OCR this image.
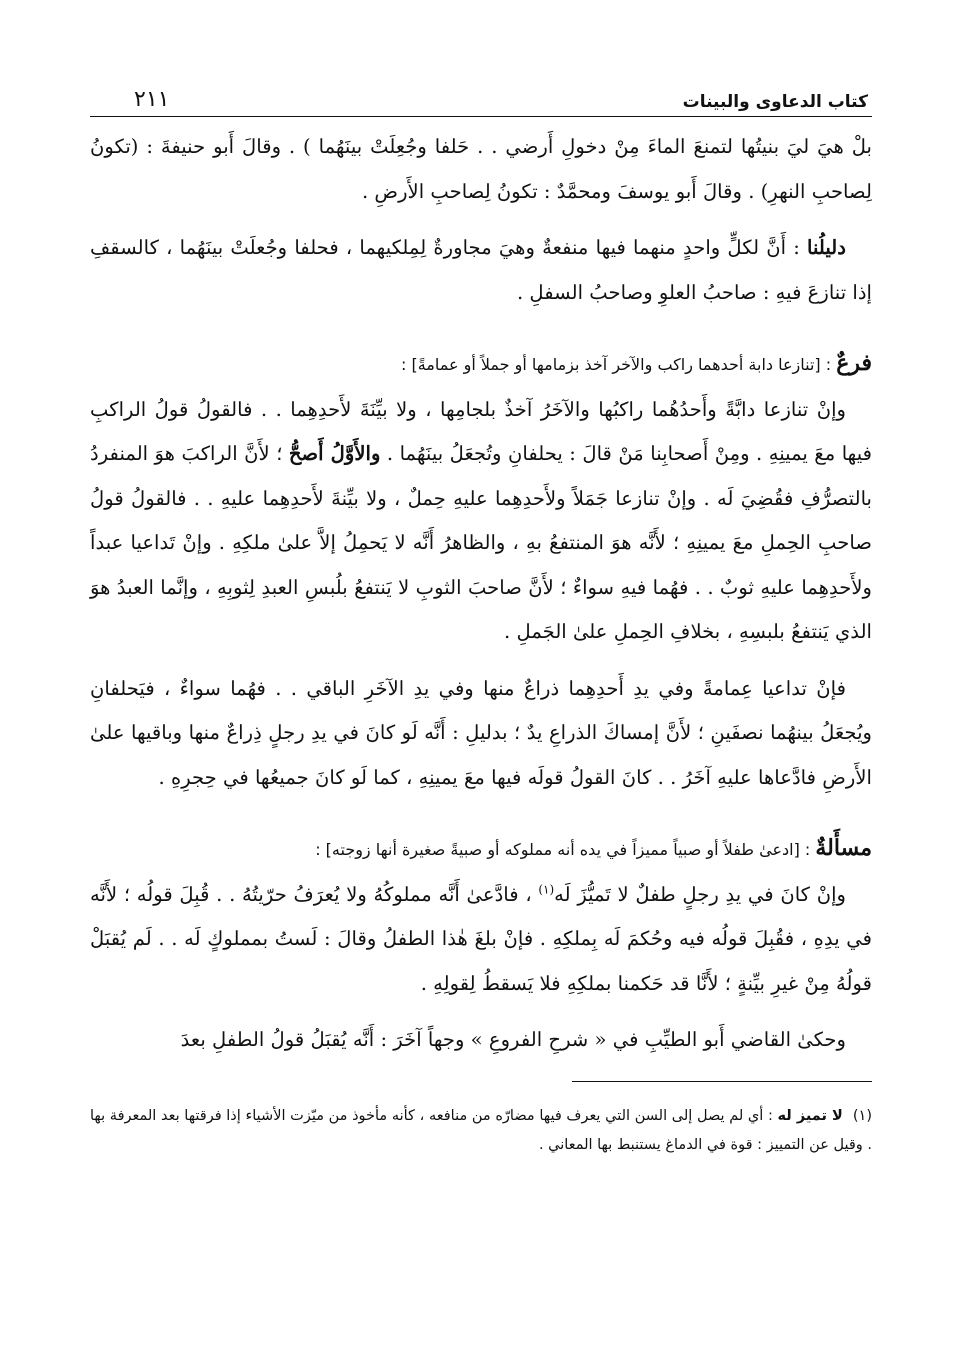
كتاب الدعاوى والبينات
٢١١

بلْ هيَ ليَ بنيتُها لتمنعَ الماءَ مِنْ دخولِ أَرضي . . حَلفا وجُعِلَتْ بينَهُما ) . وقالَ أَبو حنيفةَ : (تكونُ لِصاحبِ النهرِ) . وقالَ أَبو يوسفَ ومحمَّدٌ : تكونُ لِصاحبِ الأَرضِ .

دليلُنا : أَنَّ لكلٍّ واحدٍ منهما فيها منفعةٌ وهيَ مجاورةٌ لِمِلكيهما ، فحلفا وجُعلَتْ بينَهُما ، كالسقفِ إذا تنازعَ فيهِ : صاحبُ العلوِ وصاحبُ السفلِ .

فرعٌ : [تنازعا دابة أحدهما راكب والآخر آخذ بزمامها أو جملاً أو عمامةً] :

وإنْ تنازعا دابَّةً وأَحدُهُما راكبُها والآخَرُ آخذٌ بلجامِها ، ولا بيِّنَةَ لأَحدِهِما . . فالقولُ قولُ الراكبِ فيها معَ يمينِهِ . ومِنْ أَصحابِنا مَنْ قالَ : يحلفانِ وتُجعَلُ بينَهُما . والأَوَّلُ أَصحُّ ؛ لأَنَّ الراكبَ هوَ المنفردُ بالتصرُّفِ فقُضِيَ لَه . وإنْ تنازعا جَمَلاً ولأَحدِهِما عليهِ حِملٌ ، ولا بيِّنةَ لأَحدِهِما عليهِ . . فالقولُ قولُ صاحبِ الحِملِ معَ يمينِهِ ؛ لأَنَّه هوَ المنتفعُ بهِ ، والظاهرُ أَنَّه لا يَحمِلُ إلاَّ علىٰ ملكِهِ . وإنْ تَداعيا عبداً ولأَحدِهِما عليهِ ثوبٌ . . فهُما فيهِ سواءٌ ؛ لأَنَّ صاحبَ الثوبِ لا يَنتفعُ بلُبسِ العبدِ لِثوبِهِ ، وإنَّما العبدُ هوَ الذي يَنتفعُ بلبسِهِ ، بخلافِ الحِملِ علىٰ الجَملِ .

فإنْ تداعيا عِمامةً وفي يدِ أَحدِهِما ذراعٌ منها وفي يدِ الآخَرِ الباقي . . فهُما سواءٌ ، فيَحلفانِ ويُجعَلُ بينهُما نصفَينِ ؛ لأَنَّ إمساكَ الذراعِ يدٌ ؛ بدليلِ : أَنَّه لَو كانَ في يدِ رجلٍ ذِراعٌ منها وباقيها علىٰ الأَرضِ فادَّعاها عليهِ آخَرُ . . كانَ القولُ قولَه فيها معَ يمينِهِ ، كما لَو كانَ جميعُها في حِجرِهِ .

مسأَلةٌ : [ادعىٰ طفلاً أو صبياً مميزاً في يده أنه مملوكه أو صبيةً صغيرة أنها زوجته] :

وإنْ كانَ في يدِ رجلٍ طفلٌ لا تَميُّزَ لَه$^{(١)}$ ، فادَّعىٰ أَنَّه مملوكُهُ ولا يُعرَفُ حرّيتُهُ . . قُبِلَ قولُه ؛ لأَنَّه في يدِهِ ، فقُبِلَ قولُه فيه وحُكمَ لَه بِملكِهِ . فإنْ بلغَ هٰذا الطفلُ وقالَ : لَستُ بمملوكٍ لَه . . لَم يُقبَلْ قولُهُ مِنْ غيرِ بيِّنةٍ ؛ لأَنَّا قد حَكمنا بملكِهِ فلا يَسقطُ لِقولِهِ .

وحكىٰ القاضي أَبو الطيِّبِ في « شرحِ الفروعِ » وجهاً آخَرَ : أَنَّه يُقبَلُ قولُ الطفلِ بعدَ

(١)لا تميز له : أي لم يصل إلى السن التي يعرف فيها مضارّه من منافعه ، كأنه مأخوذ من ميّزت الأشياء إذا فرقتها بعد المعرفة بها . وقيل عن التمييز : قوة في الدماغ يستنبط بها المعاني .
